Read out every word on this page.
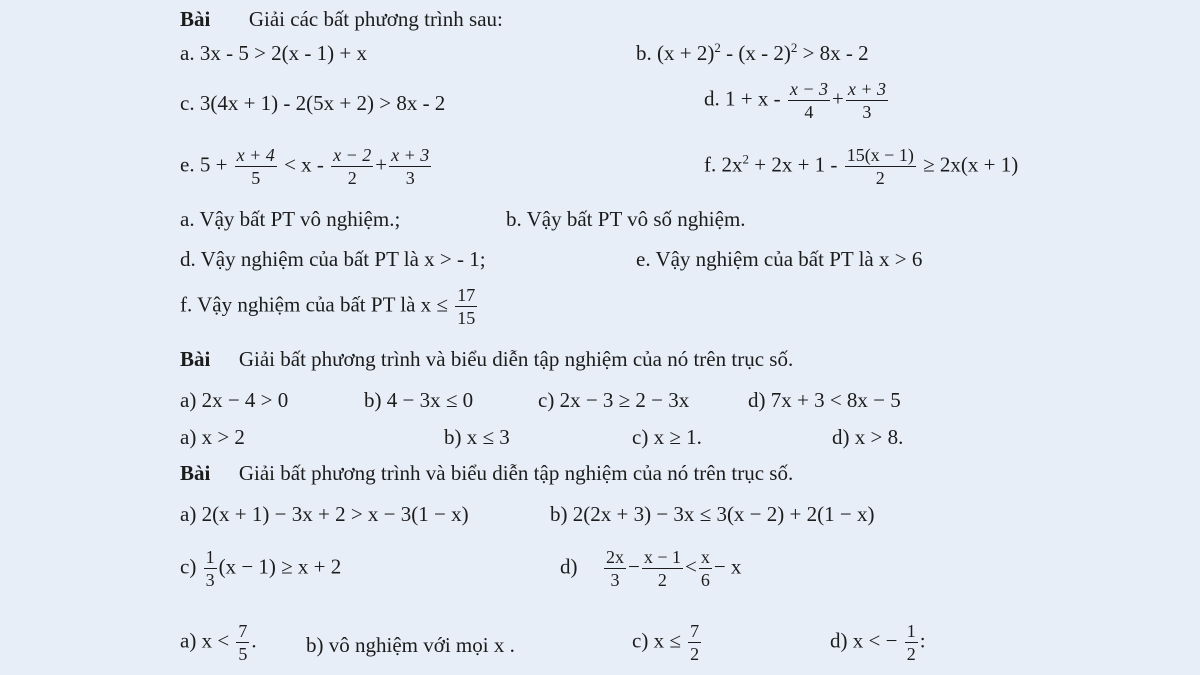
Bài Giải các bất phương trình sau:
a. 3x - 5 > 2(x - 1) + x	b. $(x + 2)^2 - (x - 2)^2 > 8x - 2$
c. 3(4x + 1) - 2(5x + 2) > 8x - 2	d. $1 + x - \frac{x - 3}{4} + \frac{x + 3}{3}$
e. $5 + \frac{x + 4}{5} < x - \frac{x - 2}{2} + \frac{x + 3}{3}$	f. $2x^2 + 2x + 1 - \frac{15(x - 1)}{2} \ge 2x(x + 1)$
a. Vậy bất PT vô nghiệm.;	b. Vậy bất PT vô số nghiệm.
d. Vậy nghiệm của bất PT là x > - 1;	e. Vậy nghiệm của bất PT là x > 6
f. Vậy nghiệm của bất PT là $x \le \frac{17}{15}$
Bài Giải bất phương trình và biểu diễn tập nghiệm của nó trên trục số.
a) 2x − 4 > 0	b) 4 − 3x ≤ 0	c) 2x − 3 ≥ 2 − 3x	d) 7x + 3 < 8x − 5
a) x > 2	b) x ≤ 3	c) x ≥ 1.	d) x > 8.
Bài Giải bất phương trình và biểu diễn tập nghiệm của nó trên trục số.
a) 2(x + 1) − 3x + 2 > x − 3(1 − x)	b) 2(2x + 3) − 3x ≤ 3(x − 2) + 2(1 − x)
$c) \frac{1}{3} (x - 1) \ge x + 2$	$d) \frac{2x}{3} - \frac{x - 1}{2} < \frac{x}{6} - x$
a) $x < \frac{7}{5}$ . b) vô nghiệm với mọi x .	c) $x \le \frac{7}{2}$	d) x < − $\frac{1}{2}$ :
